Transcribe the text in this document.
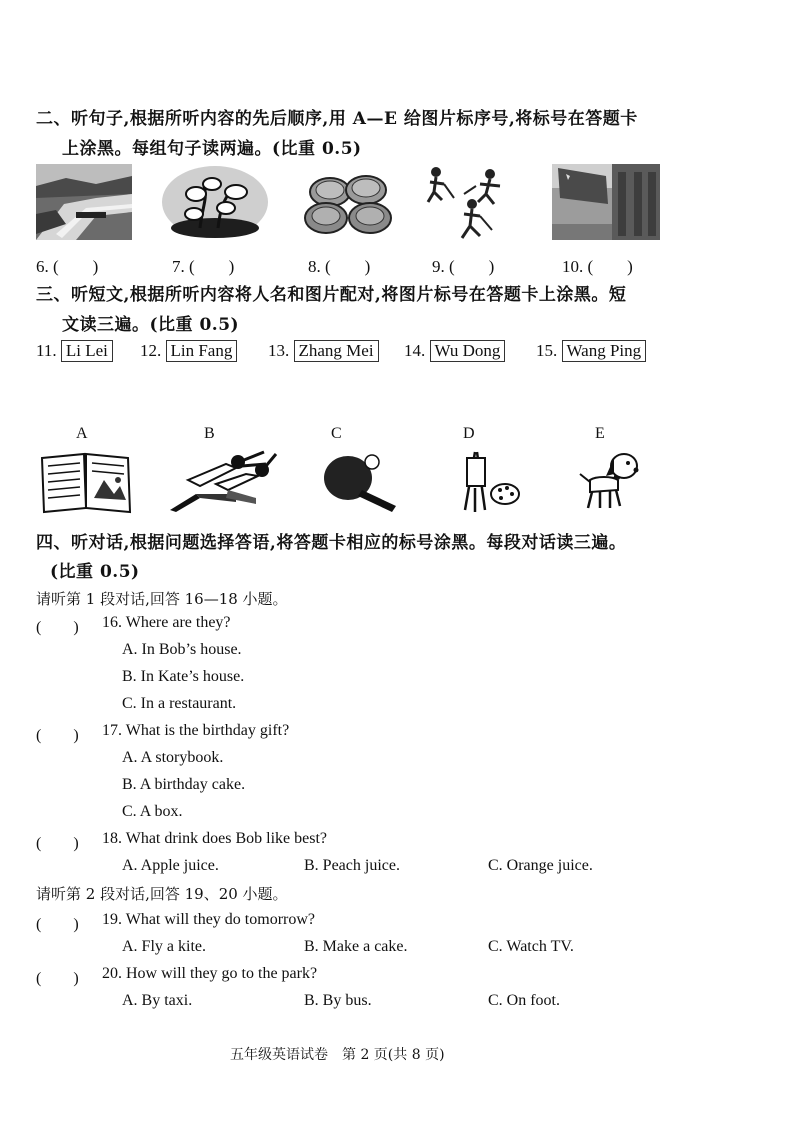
二、听句子,根据所听内容的先后顺序,用 A—E 给图片标序号,将标号在答题卡
上涂黑。每组句子读两遍。(比重 0.5)
6. (　　)	7. (　　)	8. (　　)	9. (　　)	10. (　　)
三、听短文,根据所听内容将人名和图片配对,将图片标号在答题卡上涂黑。短
文读三遍。(比重 0.5)
11. Li Lei 12. Lin Fang 13. Zhang Mei 14. Wu Dong 15. Wang Ping
A	B	C	D	E
四、听对话,根据问题选择答语,将答题卡相应的标号涂黑。每段对话读三遍。
(比重 0.5)
请听第 1 段对话,回答 16—18 小题。
(　　) 16. Where are they?
A. In Bob’s house.
B. In Kate’s house.
C. In a restaurant.
(　　) 17. What is the birthday gift?
A. A storybook.
B. A birthday cake.
C. A box.
(　　) 18. What drink does Bob like best?
A. Apple juice.	B. Peach juice.	C. Orange juice.
请听第 2 段对话,回答 19、20 小题。
(　　) 19. What will they do tomorrow?
A. Fly a kite.	B. Make a cake.	C. Watch TV.
(　　) 20. How will they go to the park?
A. By taxi.	B. By bus.	C. On foot.
五年级英语试卷　第 2 页(共 8 页)
